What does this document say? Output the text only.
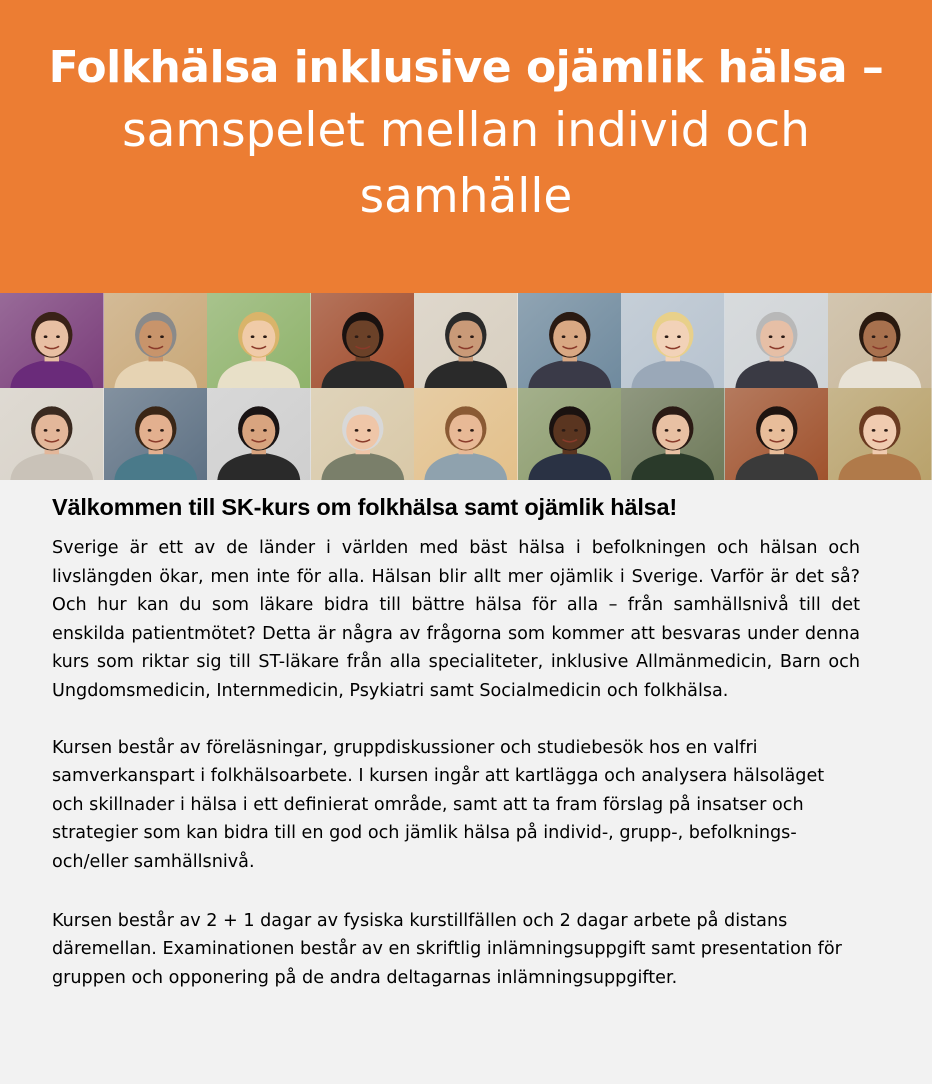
Folkhälsa inklusive ojämlik hälsa –
samspelet mellan individ och
samhälle
Välkommen till SK-kurs om folkhälsa samt ojämlik hälsa!

Sverige är ett av de länder i världen med bäst hälsa i befolkningen och hälsan och livslängden ökar, men inte för alla. Hälsan blir allt mer ojämlik i Sverige. Varför är det så? Och hur kan du som läkare bidra till bättre hälsa för alla – från samhällsnivå till det enskilda patientmötet? Detta är några av frågorna som kommer att besvaras under denna kurs som riktar sig till ST-läkare från alla specialiteter, inklusive Allmänmedicin, Barn och Ungdomsmedicin, Internmedicin, Psykiatri samt Socialmedicin och folkhälsa.

Kursen består av föreläsningar, gruppdiskussioner och studiebesök hos en valfri samverkanspart i folkhälsoarbete. I kursen ingår att kartlägga och analysera hälsoläget och skillnader i hälsa i ett definierat område, samt att ta fram förslag på insatser och strategier som kan bidra till en god och jämlik hälsa på individ-, grupp-, befolknings- och/eller samhällsnivå.

Kursen består av 2 + 1 dagar av fysiska kurstillfällen och 2 dagar arbete på distans däremellan. Examinationen består av en skriftlig inlämningsuppgift samt presentation för gruppen och opponering på de andra deltagarnas inlämningsuppgifter.
